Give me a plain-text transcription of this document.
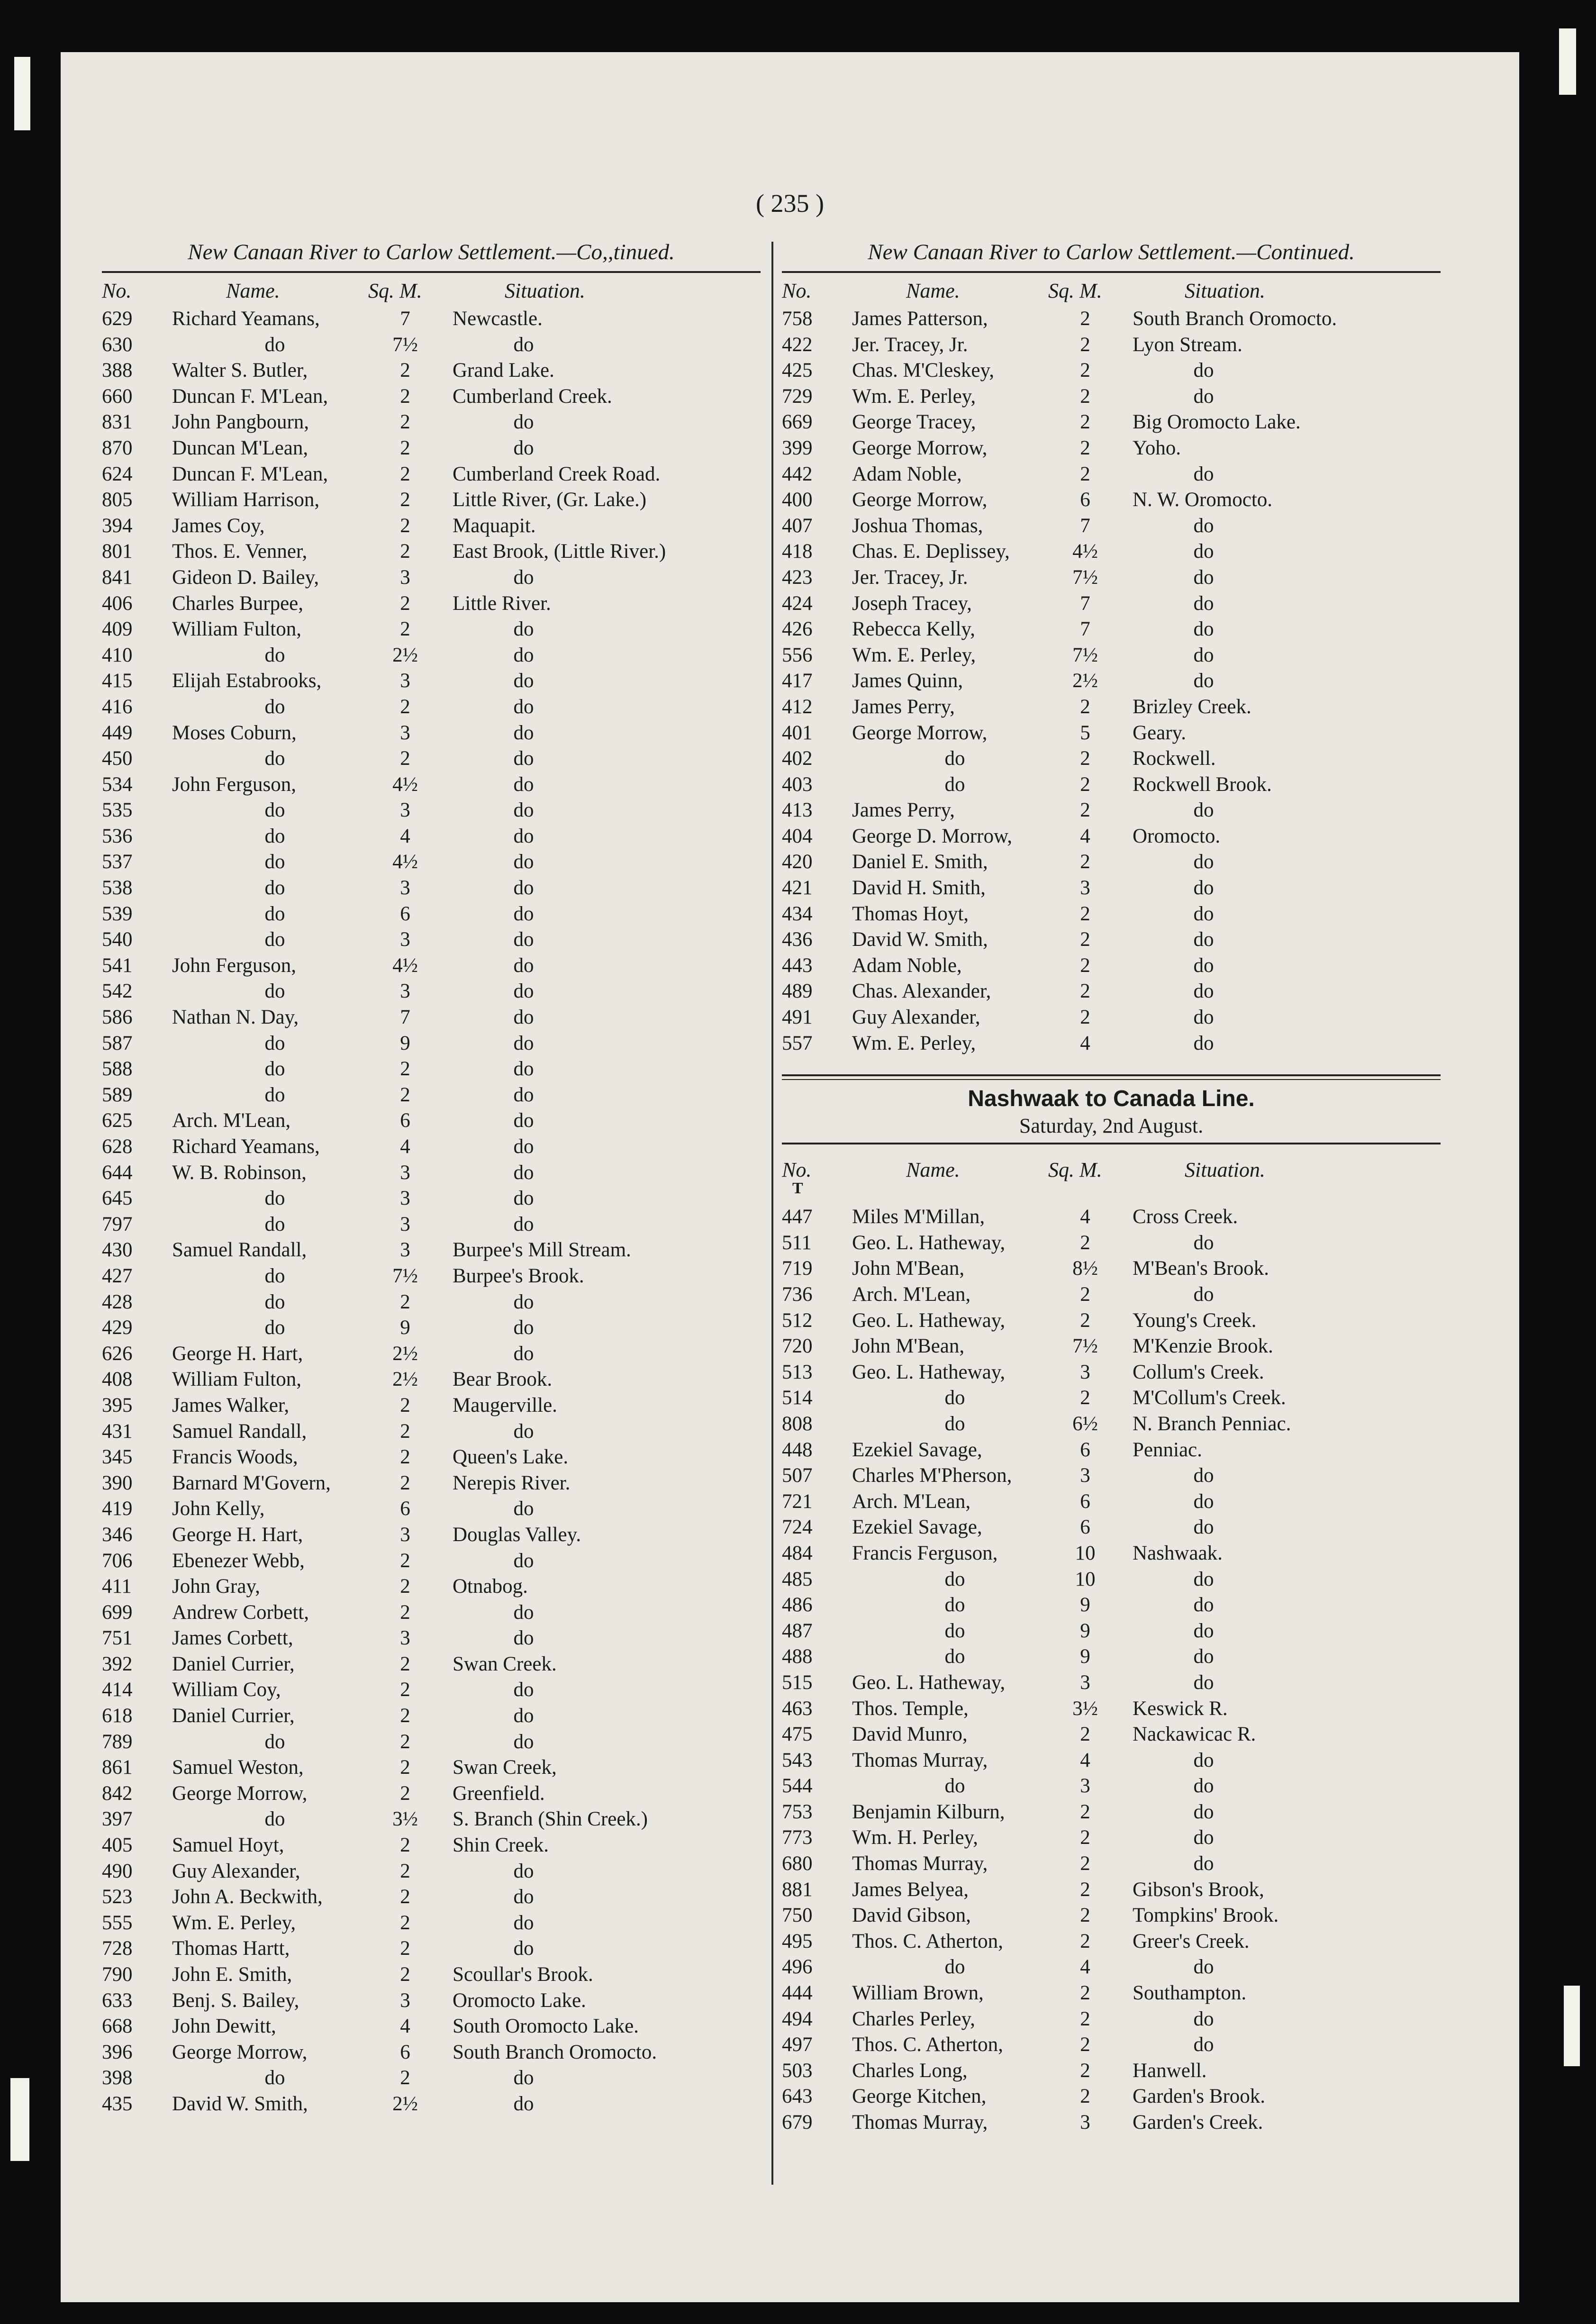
( 235 )
New Canaan River to Carlow Settlement.—Co,,tinued.
No.	Name.	Sq. M.	Situation.
629	Richard Yeamans,	7	Newcastle.
630	do	7½	do
388	Walter S. Butler,	2	Grand Lake.
660	Duncan F. M'Lean,	2	Cumberland Creek.
831	John Pangbourn,	2	do
870	Duncan M'Lean,	2	do
624	Duncan F. M'Lean,	2	Cumberland Creek Road.
805	William Harrison,	2	Little River, (Gr. Lake.)
394	James Coy,	2	Maquapit.
801	Thos. E. Venner,	2	East Brook, (Little River.)
841	Gideon D. Bailey,	3	do
406	Charles Burpee,	2	Little River.
409	William Fulton,	2	do
410	do	2½	do
415	Elijah Estabrooks,	3	do
416	do	2	do
449	Moses Coburn,	3	do
450	do	2	do
534	John Ferguson,	4½	do
535	do	3	do
536	do	4	do
537	do	4½	do
538	do	3	do
539	do	6	do
540	do	3	do
541	John Ferguson,	4½	do
542	do	3	do
586	Nathan N. Day,	7	do
587	do	9	do
588	do	2	do
589	do	2	do
625	Arch. M'Lean,	6	do
628	Richard Yeamans,	4	do
644	W. B. Robinson,	3	do
645	do	3	do
797	do	3	do
430	Samuel Randall,	3	Burpee's Mill Stream.
427	do	7½	Burpee's Brook.
428	do	2	do
429	do	9	do
626	George H. Hart,	2½	do
408	William Fulton,	2½	Bear Brook.
395	James Walker,	2	Maugerville.
431	Samuel Randall,	2	do
345	Francis Woods,	2	Queen's Lake.
390	Barnard M'Govern,	2	Nerepis River.
419	John Kelly,	6	do
346	George H. Hart,	3	Douglas Valley.
706	Ebenezer Webb,	2	do
411	John Gray,	2	Otnabog.
699	Andrew Corbett,	2	do
751	James Corbett,	3	do
392	Daniel Currier,	2	Swan Creek.
414	William Coy,	2	do
618	Daniel Currier,	2	do
789	do	2	do
861	Samuel Weston,	2	Swan Creek,
842	George Morrow,	2	Greenfield.
397	do	3½	S. Branch (Shin Creek.)
405	Samuel Hoyt,	2	Shin Creek.
490	Guy Alexander,	2	do
523	John A. Beckwith,	2	do
555	Wm. E. Perley,	2	do
728	Thomas Hartt,	2	do
790	John E. Smith,	2	Scoullar's Brook.
633	Benj. S. Bailey,	3	Oromocto Lake.
668	John Dewitt,	4	South Oromocto Lake.
396	George Morrow,	6	South Branch Oromocto.
398	do	2	do
435	David W. Smith,	2½	do
New Canaan River to Carlow Settlement.—Continued.
No.	Name.	Sq. M.	Situation.
758	James Patterson,	2	South Branch Oromocto.
422	Jer. Tracey, Jr.	2	Lyon Stream.
425	Chas. M'Cleskey,	2	do
729	Wm. E. Perley,	2	do
669	George Tracey,	2	Big Oromocto Lake.
399	George Morrow,	2	Yoho.
442	Adam Noble,	2	do
400	George Morrow,	6	N. W. Oromocto.
407	Joshua Thomas,	7	do
418	Chas. E. Deplissey,	4½	do
423	Jer. Tracey, Jr.	7½	do
424	Joseph Tracey,	7	do
426	Rebecca Kelly,	7	do
556	Wm. E. Perley,	7½	do
417	James Quinn,	2½	do
412	James Perry,	2	Brizley Creek.
401	George Morrow,	5	Geary.
402	do	2	Rockwell.
403	do	2	Rockwell Brook.
413	James Perry,	2	do
404	George D. Morrow,	4	Oromocto.
420	Daniel E. Smith,	2	do
421	David H. Smith,	3	do
434	Thomas Hoyt,	2	do
436	David W. Smith,	2	do
443	Adam Noble,	2	do
489	Chas. Alexander,	2	do
491	Guy Alexander,	2	do
557	Wm. E. Perley,	4	do
Nashwaak to Canada Line.
Saturday, 2nd August.
No.	Name.	Sq. M.	Situation.
T
447	Miles M'Millan,	4	Cross Creek.
511	Geo. L. Hatheway,	2	do
719	John M'Bean,	8½	M'Bean's Brook.
736	Arch. M'Lean,	2	do
512	Geo. L. Hatheway,	2	Young's Creek.
720	John M'Bean,	7½	M'Kenzie Brook.
513	Geo. L. Hatheway,	3	Collum's Creek.
514	do	2	M'Collum's Creek.
808	do	6½	N. Branch Penniac.
448	Ezekiel Savage,	6	Penniac.
507	Charles M'Pherson,	3	do
721	Arch. M'Lean,	6	do
724	Ezekiel Savage,	6	do
484	Francis Ferguson,	10	Nashwaak.
485	do	10	do
486	do	9	do
487	do	9	do
488	do	9	do
515	Geo. L. Hatheway,	3	do
463	Thos. Temple,	3½	Keswick R.
475	David Munro,	2	Nackawicac R.
543	Thomas Murray,	4	do
544	do	3	do
753	Benjamin Kilburn,	2	do
773	Wm. H. Perley,	2	do
680	Thomas Murray,	2	do
881	James Belyea,	2	Gibson's Brook,
750	David Gibson,	2	Tompkins' Brook.
495	Thos. C. Atherton,	2	Greer's Creek.
496	do	4	do
444	William Brown,	2	Southampton.
494	Charles Perley,	2	do
497	Thos. C. Atherton,	2	do
503	Charles Long,	2	Hanwell.
643	George Kitchen,	2	Garden's Brook.
679	Thomas Murray,	3	Garden's Creek.
